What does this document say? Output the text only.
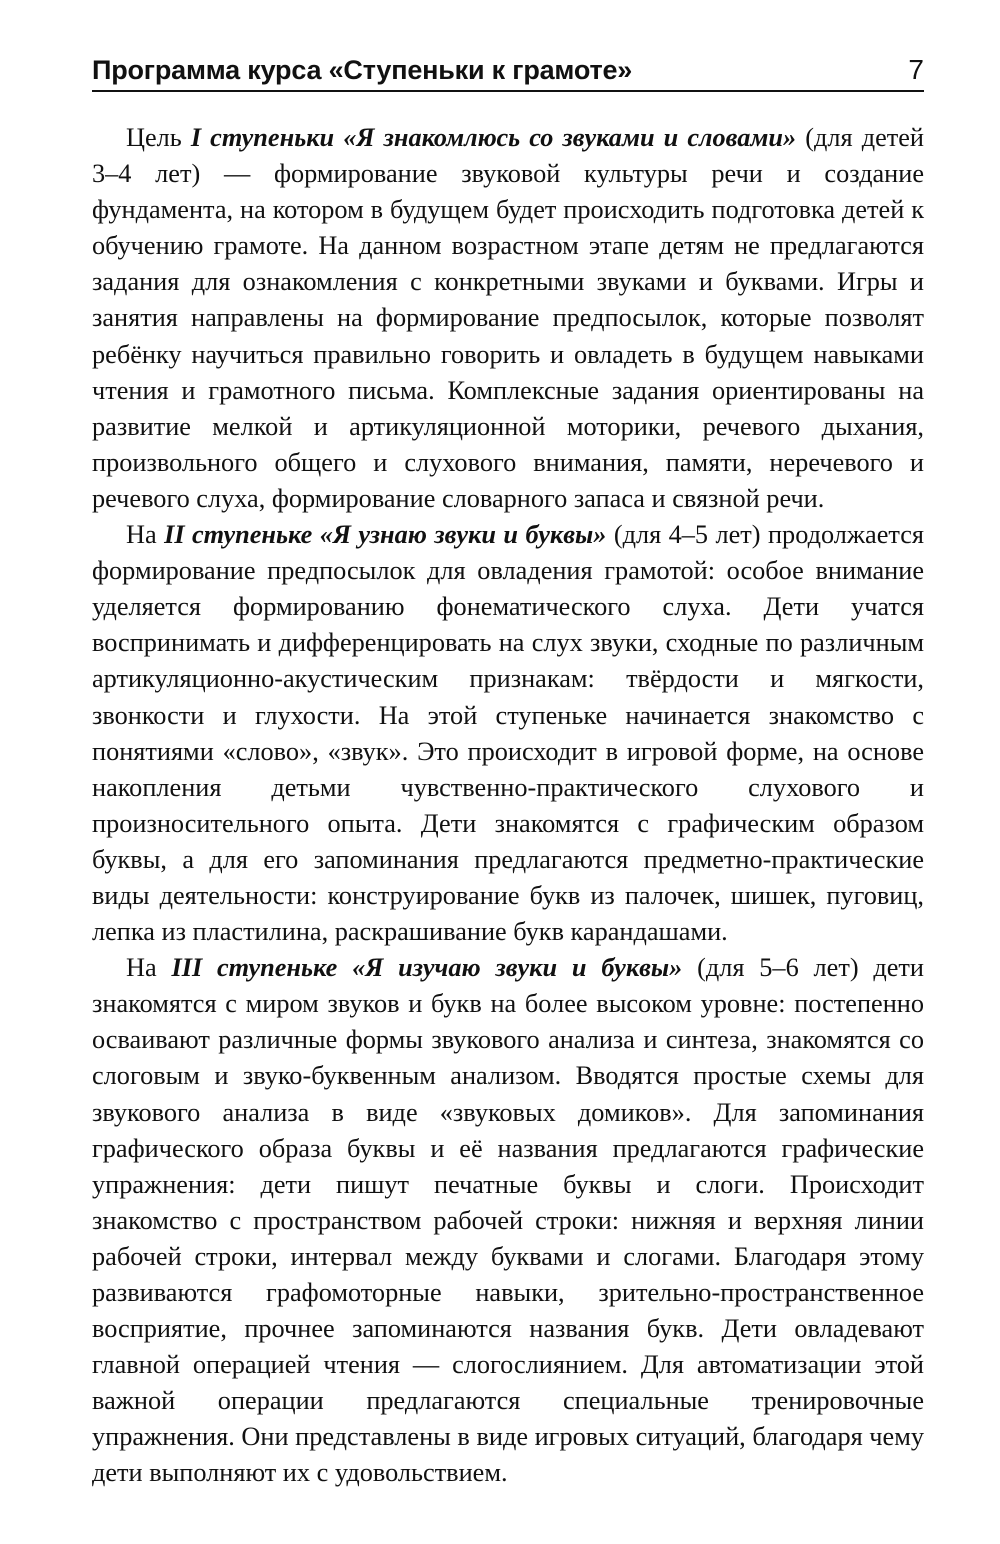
Программа курса «Ступеньки к грамоте»	7

Цель I ступеньки «Я знакомлюсь со звуками и словами» (для детей 3–4 лет) — формирование звуковой культуры речи и создание фундамента, на котором в будущем будет происходить подготовка детей к обучению грамоте. На данном возрастном этапе детям не предлагаются задания для ознакомления с конкретными звуками и буквами. Игры и занятия направлены на формирование предпосылок, которые позволят ребёнку научиться правильно говорить и овладеть в будущем навыками чтения и грамотного письма. Комплексные задания ориентированы на развитие мелкой и артикуляционной моторики, речевого дыхания, произвольного общего и слухового внимания, памяти, неречевого и речевого слуха, формирование словарного запаса и связной речи.

На II ступеньке «Я узнаю звуки и буквы» (для 4–5 лет) продолжается формирование предпосылок для овладения грамотой: особое внимание уделяется формированию фонематического слуха. Дети учатся воспринимать и дифференцировать на слух звуки, сходные по различным артикуляционно-акустическим признакам: твёрдости и мягкости, звонкости и глухости. На этой ступеньке начинается знакомство с понятиями «слово», «звук». Это происходит в игровой форме, на основе накопления детьми чувственно-практического слухового и произносительного опыта. Дети знакомятся с графическим образом буквы, а для его запоминания предлагаются предметно-практические виды деятельности: конструирование букв из палочек, шишек, пуговиц, лепка из пластилина, раскрашивание букв карандашами.

На III ступеньке «Я изучаю звуки и буквы» (для 5–6 лет) дети знакомятся с миром звуков и букв на более высоком уровне: постепенно осваивают различные формы звукового анализа и синтеза, знакомятся со слоговым и звуко-буквенным анализом. Вводятся простые схемы для звукового анализа в виде «звуковых домиков». Для запоминания графического образа буквы и её названия предлагаются графические упражнения: дети пишут печатные буквы и слоги. Происходит знакомство с пространством рабочей строки: нижняя и верхняя линии рабочей строки, интервал между буквами и слогами. Благодаря этому развиваются графомоторные навыки, зрительно-пространственное восприятие, прочнее запоминаются названия букв. Дети овладевают главной операцией чтения — слогослиянием. Для автоматизации этой важной операции предлагаются специальные тренировочные упражнения. Они представлены в виде игровых ситуаций, благодаря чему дети выполняют их с удовольствием.
